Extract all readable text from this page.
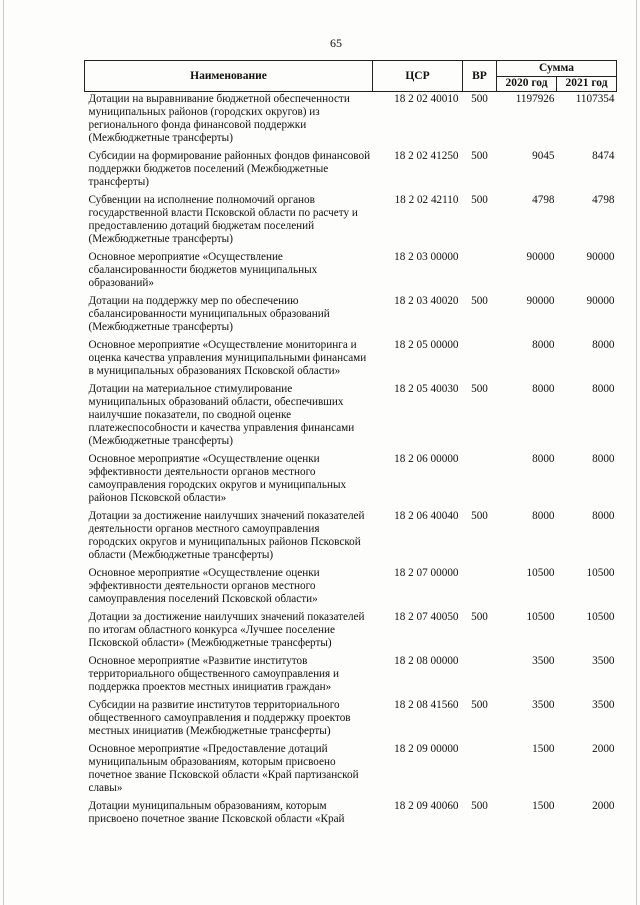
65
Наименование	ЦСР	ВР	Сумма	
			2020 год	2021 год
Дотации на выравнивание бюджетной обеспеченности муниципальных районов (городских округов) из регионального фонда финансовой поддержки (Межбюджетные трансферты)	18 2 02 40010	500	1197926	1107354
Субсидии на формирование районных фондов финансовой поддержки бюджетов поселений (Межбюджетные трансферты)	18 2 02 41250	500	9045	8474
Субвенции на исполнение полномочий органов государственной власти Псковской области по расчету и предоставлению дотаций бюджетам поселений (Межбюджетные трансферты)	18 2 02 42110	500	4798	4798
Основное мероприятие «Осуществление сбалансированности бюджетов муниципальных образований»	18 2 03 00000		90000	90000
Дотации на поддержку мер по обеспечению сбалансированности муниципальных образований (Межбюджетные трансферты)	18 2 03 40020	500	90000	90000
Основное мероприятие «Осуществление мониторинга и оценка качества управления муниципальными финансами в муниципальных образованиях Псковской области»	18 2 05 00000		8000	8000
Дотации на материальное стимулирование муниципальных образований области, обеспечивших наилучшие показатели, по сводной оценке платежеспособности и качества управления финансами (Межбюджетные трансферты)	18 2 05 40030	500	8000	8000
Основное мероприятие «Осуществление оценки эффективности деятельности органов местного самоуправления городских округов и муниципальных районов Псковской области»	18 2 06 00000		8000	8000
Дотации за достижение наилучших значений показателей деятельности органов местного самоуправления городских округов и муниципальных районов Псковской области (Межбюджетные трансферты)	18 2 06 40040	500	8000	8000
Основное мероприятие «Осуществление оценки эффективности деятельности органов местного самоуправления поселений Псковской области»	18 2 07 00000		10500	10500
Дотации за достижение наилучших значений показателей по итогам областного конкурса «Лучшее поселение Псковской области» (Межбюджетные трансферты)	18 2 07 40050	500	10500	10500
Основное мероприятие «Развитие институтов территориального общественного самоуправления и поддержка проектов местных инициатив граждан»	18 2 08 00000		3500	3500
Субсидии на развитие институтов территориального общественного самоуправления и поддержку проектов местных инициатив (Межбюджетные трансферты)	18 2 08 41560	500	3500	3500
Основное мероприятие «Предоставление дотаций муниципальным образованиям, которым присвоено почетное звание Псковской области «Край партизанской славы»	18 2 09 00000		1500	2000
Дотации муниципальным образованиям, которым присвоено почетное звание Псковской области «Край	18 2 09 40060	500	1500	2000
